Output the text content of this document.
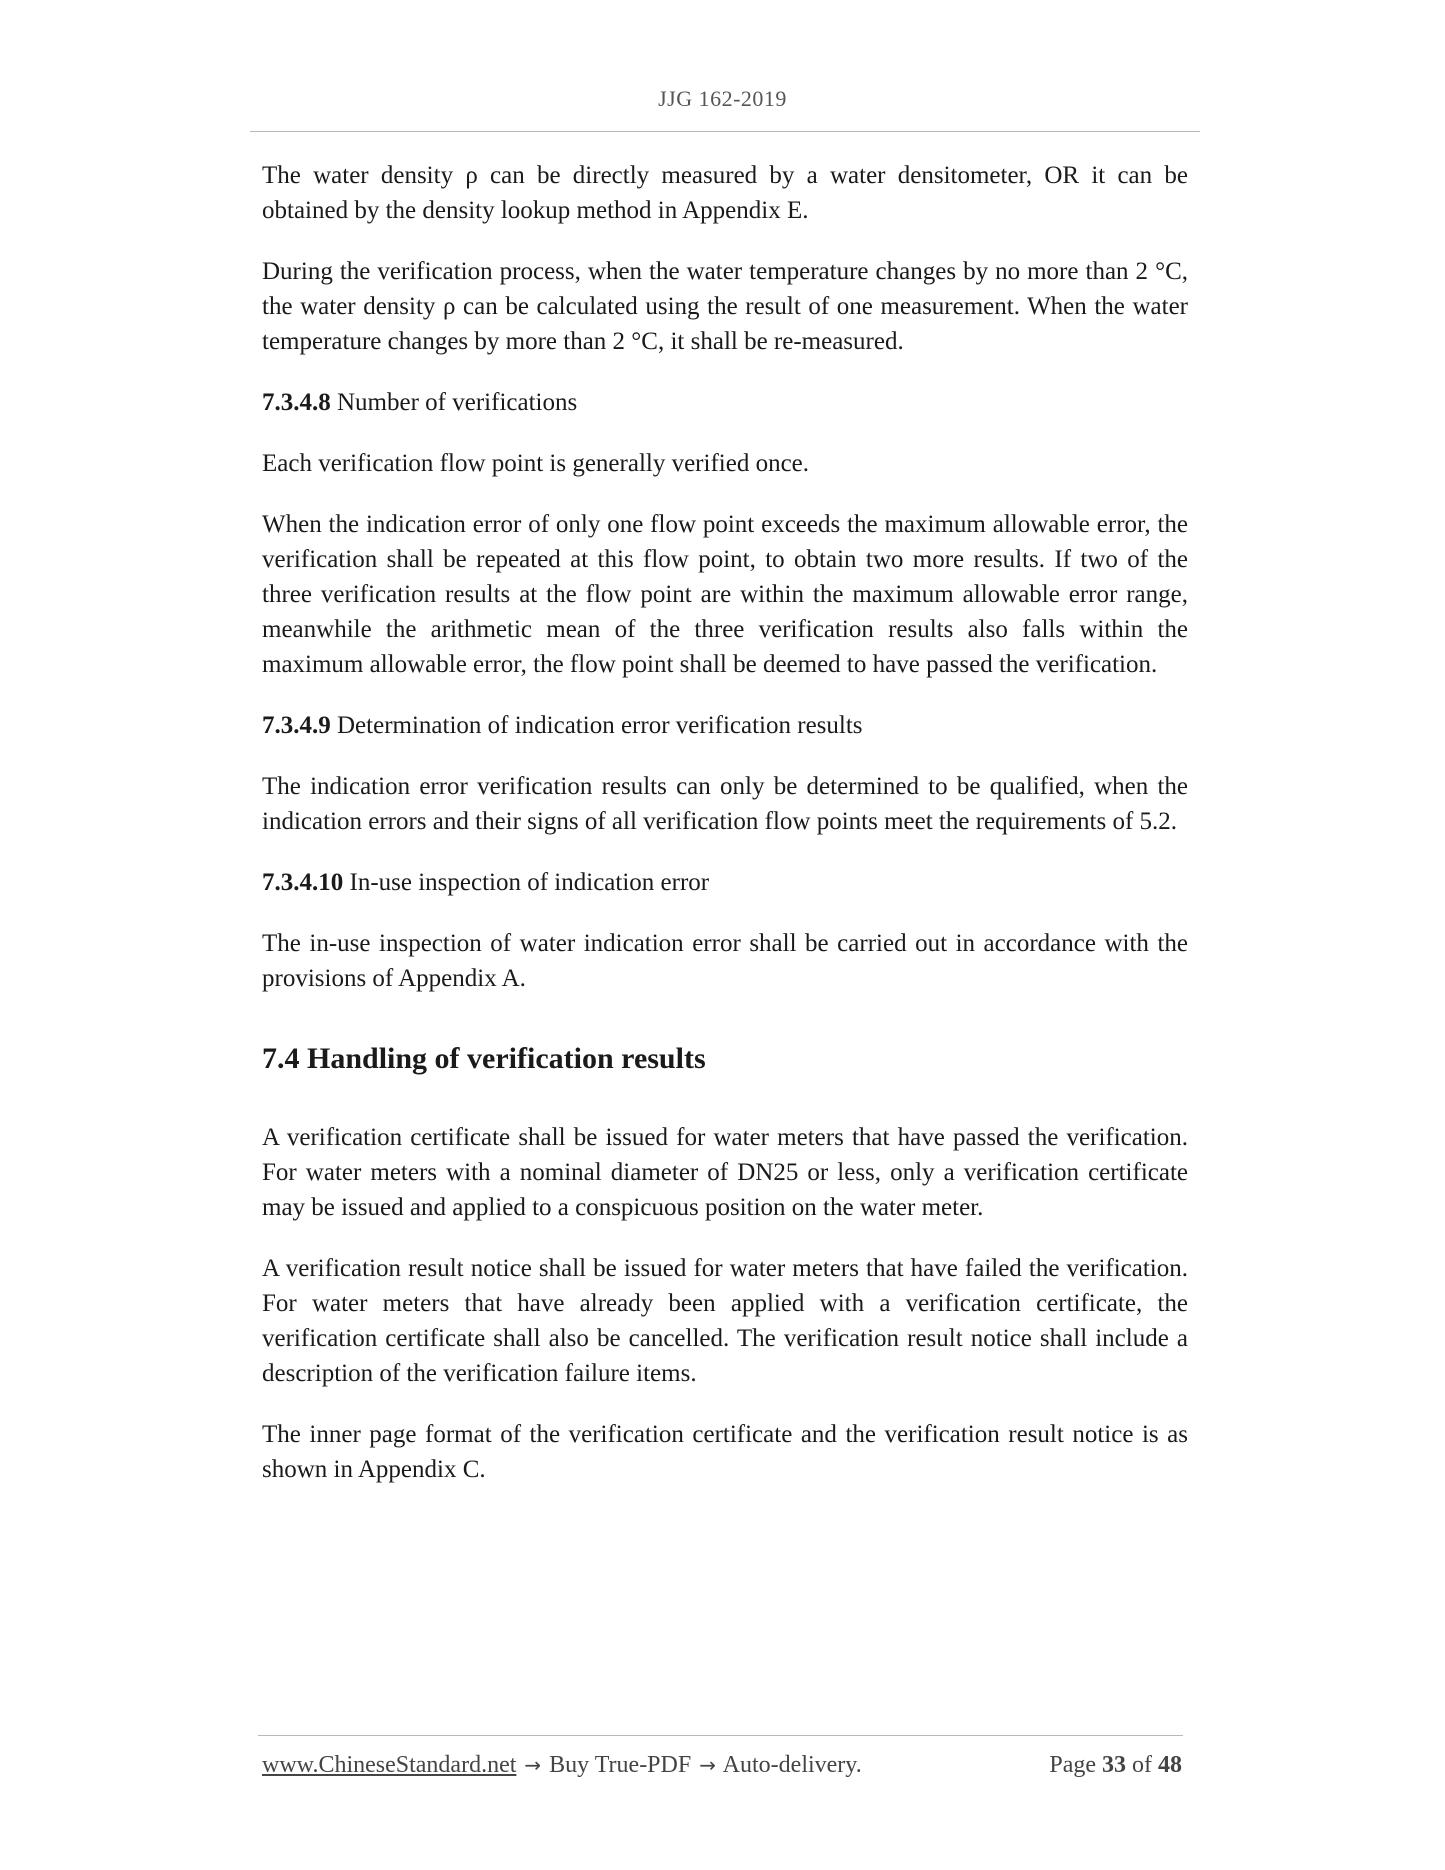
JJG 162-2019

The water density ρ can be directly measured by a water densitometer, OR it can be obtained by the density lookup method in Appendix E.

During the verification process, when the water temperature changes by no more than 2 °C, the water density ρ can be calculated using the result of one measurement. When the water temperature changes by more than 2 °C, it shall be re-measured.

7.3.4.8 Number of verifications

Each verification flow point is generally verified once.

When the indication error of only one flow point exceeds the maximum allowable error, the verification shall be repeated at this flow point, to obtain two more results. If two of the three verification results at the flow point are within the maximum allowable error range, meanwhile the arithmetic mean of the three verification results also falls within the maximum allowable error, the flow point shall be deemed to have passed the verification.

7.3.4.9 Determination of indication error verification results

The indication error verification results can only be determined to be qualified, when the indication errors and their signs of all verification flow points meet the requirements of 5.2.

7.3.4.10 In-use inspection of indication error

The in-use inspection of water indication error shall be carried out in accordance with the provisions of Appendix A.

7.4 Handling of verification results

A verification certificate shall be issued for water meters that have passed the verification. For water meters with a nominal diameter of DN25 or less, only a verification certificate may be issued and applied to a conspicuous position on the water meter.

A verification result notice shall be issued for water meters that have failed the verification. For water meters that have already been applied with a verification certificate, the verification certificate shall also be cancelled. The verification result notice shall include a description of the verification failure items.

The inner page format of the verification certificate and the verification result notice is as shown in Appendix C.

www.ChineseStandard.net → Buy True-PDF → Auto-delivery.	Page 33 of 48
